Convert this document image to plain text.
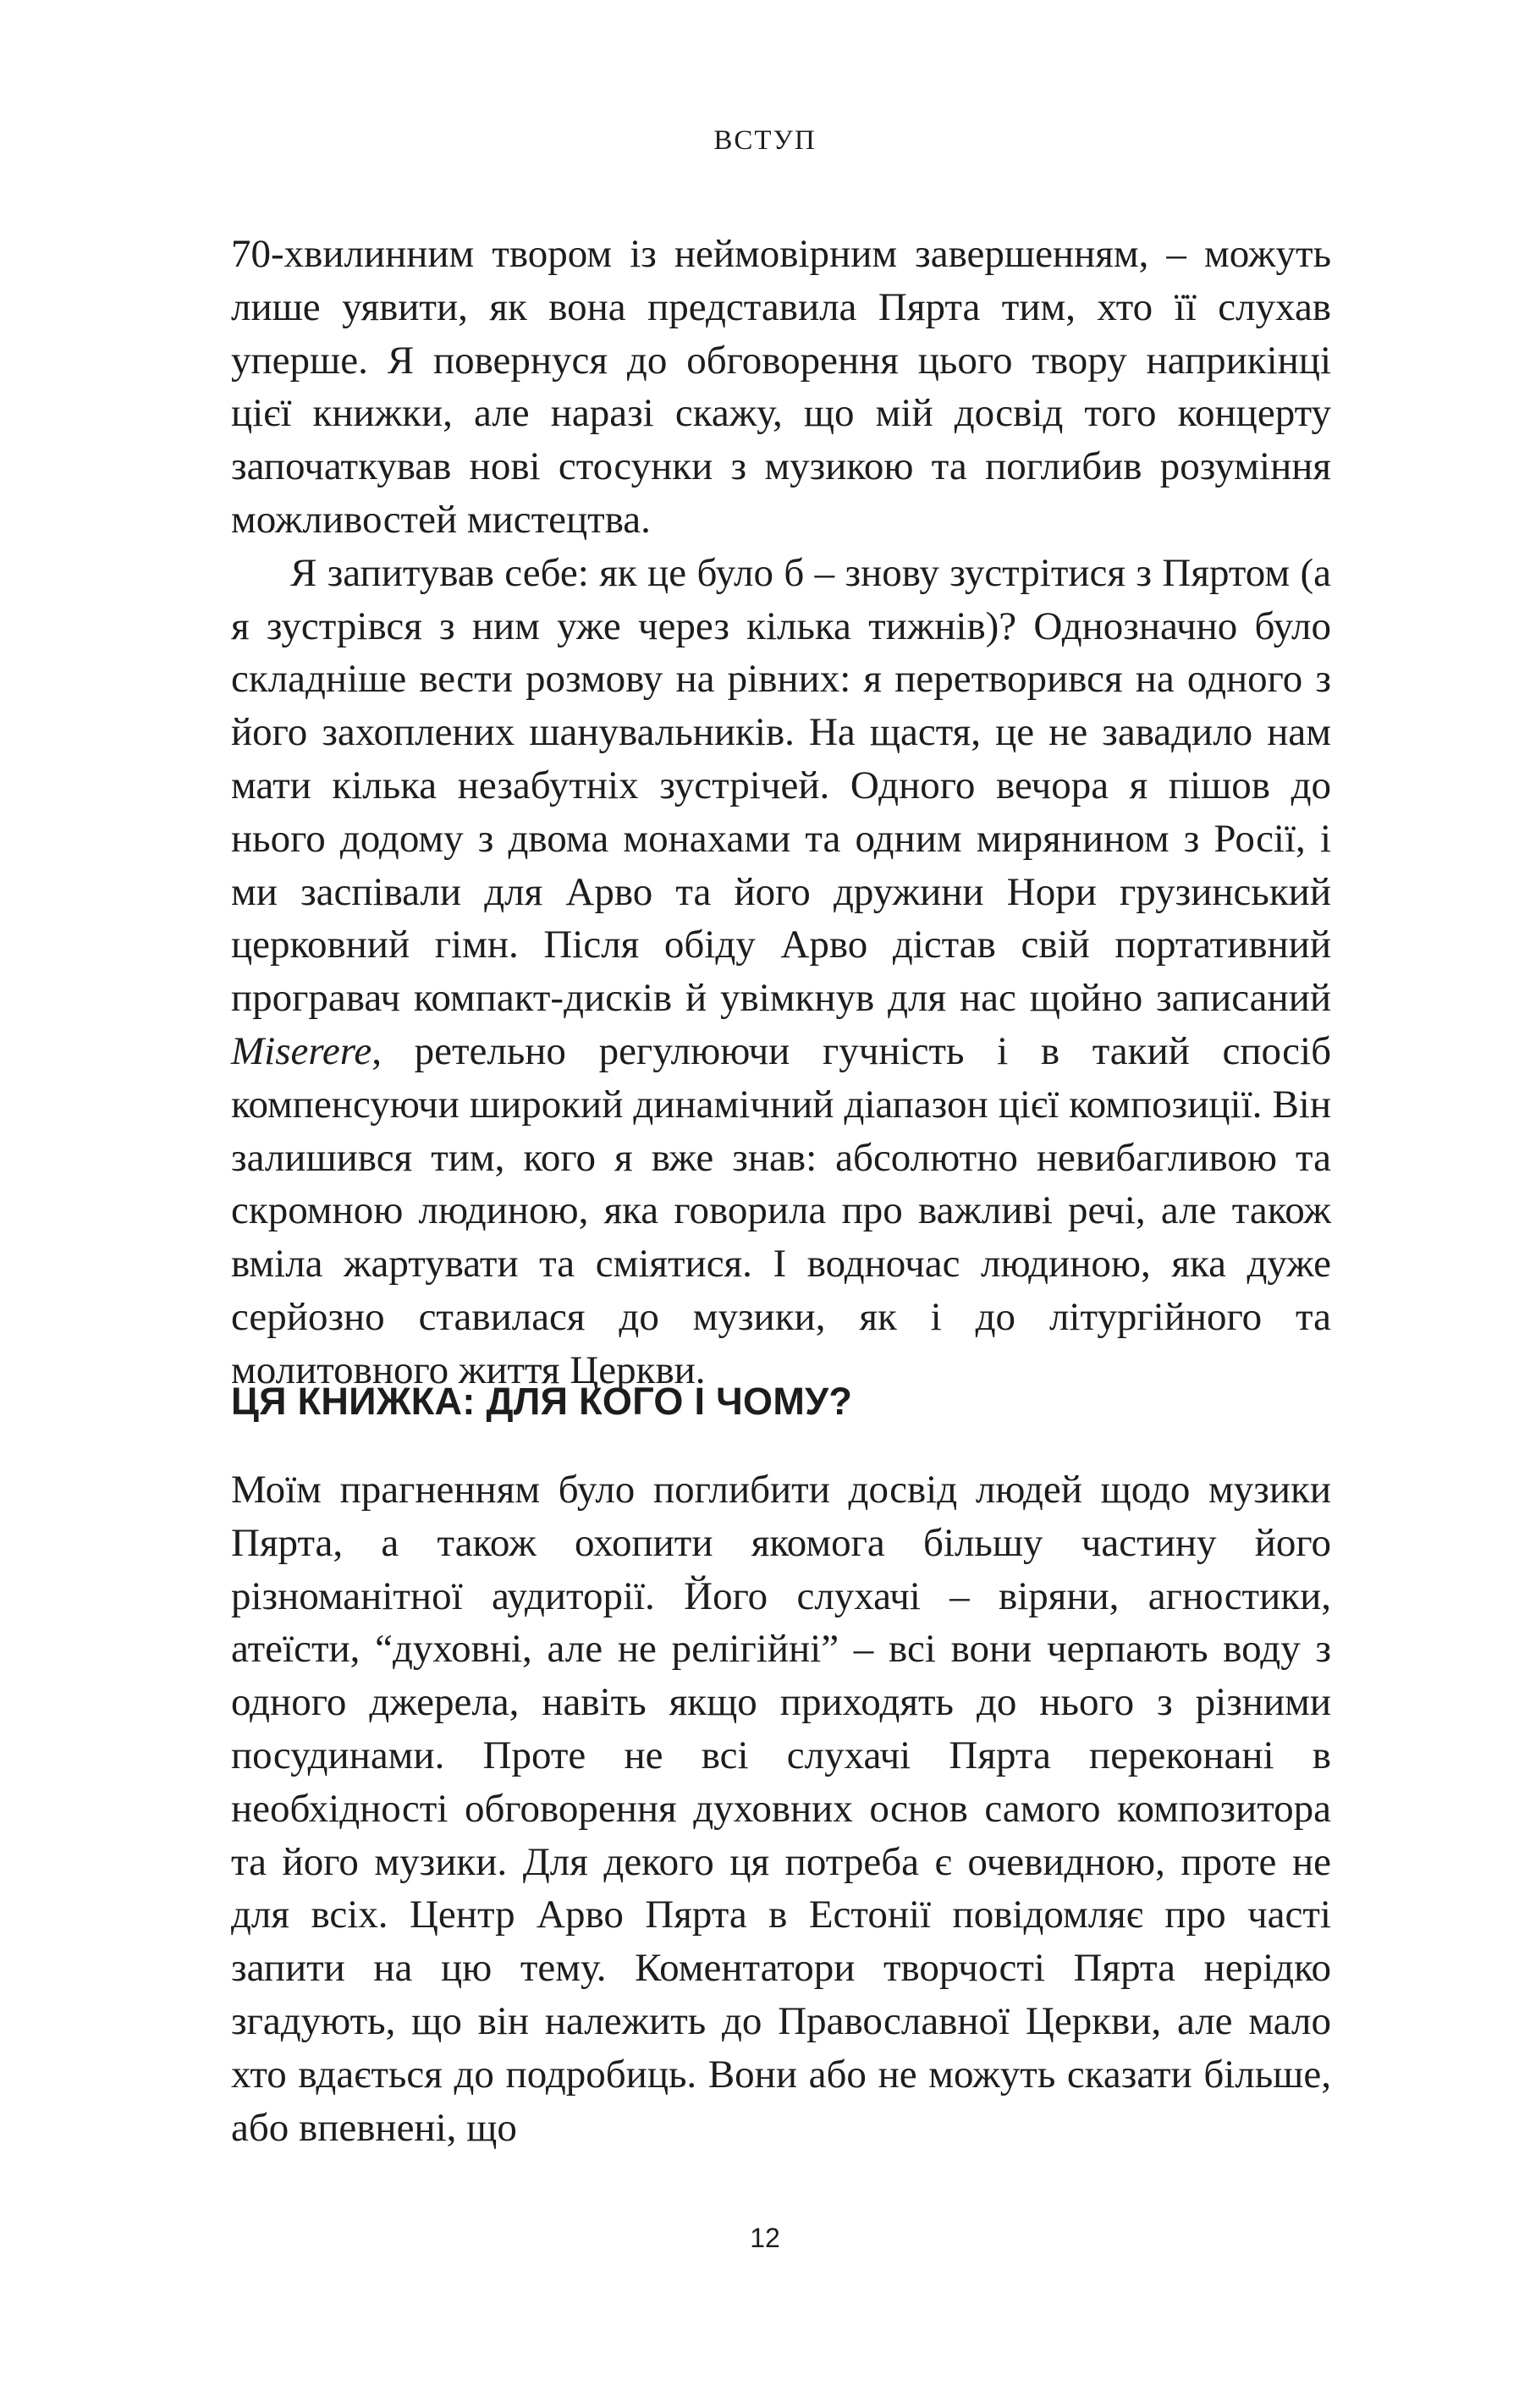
ВСТУП

70-хвилинним твором із неймовірним завершенням, – можуть лише уявити, як вона представила Пярта тим, хто її слухав уперше. Я повернуся до обговорення цього твору наприкінці цієї книжки, але наразі скажу, що мій досвід того концерту започаткував нові стосунки з музикою та поглибив розуміння можливостей мистецтва.

Я запитував себе: як це було б – знову зустрітися з Пяртом (а я зустрівся з ним уже через кілька тижнів)? Однозначно було складніше вести розмову на рівних: я перетворився на одного з його захоплених шанувальників. На щастя, це не завадило нам мати кілька незабутніх зустрічей. Одного вечора я пішов до нього додому з двома монахами та одним мирянином з Росії, і ми заспівали для Арво та його дружини Нори грузинський церковний гімн. Після обіду Арво дістав свій портативний програвач компакт-дисків й увімкнув для нас щойно записаний Miserere, ретельно регулюючи гучність і в такий спосіб компенсуючи широкий динамічний діапазон цієї композиції. Він залишився тим, кого я вже знав: абсолютно невибагливою та скромною людиною, яка говорила про важливі речі, але також вміла жартувати та сміятися. І водночас людиною, яка дуже серйозно ставилася до музики, як і до літургійного та молитовного життя Церкви.

ЦЯ КНИЖКА: ДЛЯ КОГО І ЧОМУ?

Моїм прагненням було поглибити досвід людей щодо музики Пярта, а також охопити якомога більшу частину його різноманітної аудиторії. Його слухачі – віряни, агностики, атеїсти, “духовні, але не релігійні” – всі вони черпають воду з одного джерела, навіть якщо приходять до нього з різними посудинами. Проте не всі слухачі Пярта переконані в необхідності обговорення духовних основ самого композитора та його музики. Для декого ця потреба є очевидною, проте не для всіх. Центр Арво Пярта в Естонії повідомляє про часті запити на цю тему. Коментатори творчості Пярта нерідко згадують, що він належить до Православної Церкви, але мало хто вдається до подробиць. Вони або не можуть сказати більше, або впевнені, що

12
